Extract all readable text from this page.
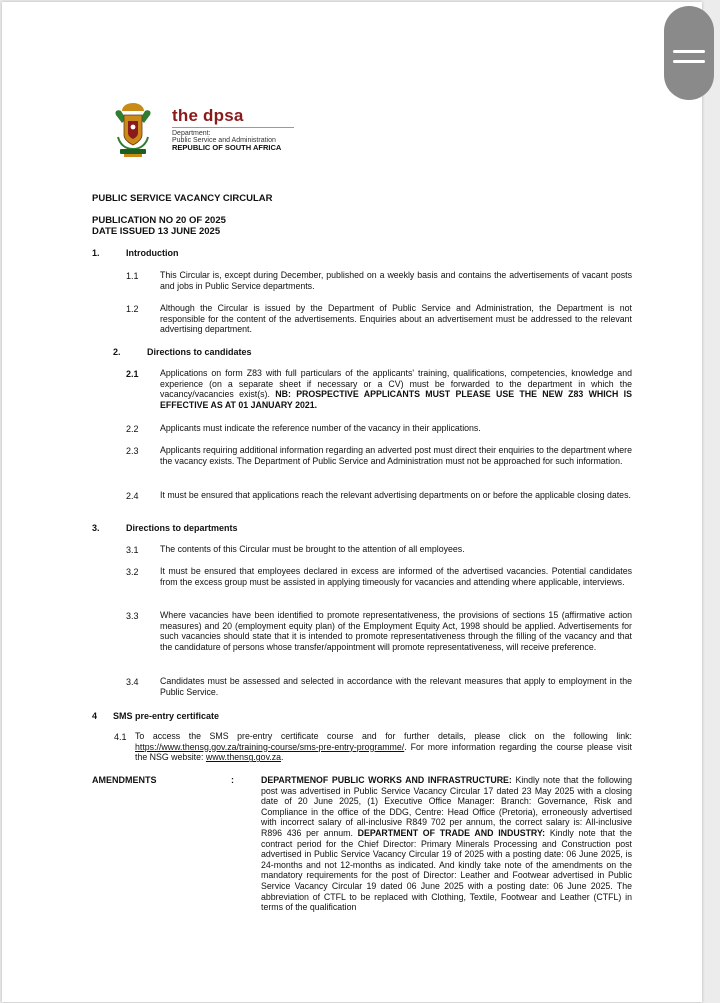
the dpsa
Department:
Public Service and Administration
REPUBLIC OF SOUTH AFRICA
PUBLIC SERVICE VACANCY CIRCULAR
PUBLICATION NO 20 OF 2025
DATE ISSUED 13 JUNE 2025
1.	Introduction
1.1 This Circular is, except during December, published on a weekly basis and contains the advertisements of vacant posts and jobs in Public Service departments.

1.2 Although the Circular is issued by the Department of Public Service and Administration, the Department is not responsible for the content of the advertisements. Enquiries about an advertisement must be addressed to the relevant advertising department.

2.	Directions to candidates
2.1 Applications on form Z83 with full particulars of the applicants' training, qualifications, competencies, knowledge and experience (on a separate sheet if necessary or a CV) must be forwarded to the department in which the vacancy/vacancies exist(s). NB: PROSPECTIVE APPLICANTS MUST PLEASE USE THE NEW Z83 WHICH IS EFFECTIVE AS AT 01 JANUARY 2021.

2.2 Applicants must indicate the reference number of the vacancy in their applications.

2.3 Applicants requiring additional information regarding an adverted post must direct their enquiries to the department where the vacancy exists. The Department of Public Service and Administration must not be approached for such information.

2.4 It must be ensured that applications reach the relevant advertising departments on or before the applicable closing dates.

3.	Directions to departments
3.1 The contents of this Circular must be brought to the attention of all employees.

3.2 It must be ensured that employees declared in excess are informed of the advertised vacancies. Potential candidates from the excess group must be assisted in applying timeously for vacancies and attending where applicable, interviews.

3.3 Where vacancies have been identified to promote representativeness, the provisions of sections 15 (affirmative action measures) and 20 (employment equity plan) of the Employment Equity Act, 1998 should be applied. Advertisements for such vacancies should state that it is intended to promote representativeness through the filling of the vacancy and that the candidature of persons whose transfer/appointment will promote representativeness, will receive preference.

3.4 Candidates must be assessed and selected in accordance with the relevant measures that apply to employment in the Public Service.

4 SMS pre-entry certificate
4.1 To access the SMS pre-entry certificate course and for further details, please click on the following link: https://www.thensg.gov.za/training-course/sms-pre-entry-programme/. For more information regarding the course please visit the NSG website: www.thensg.gov.za.

AMENDMENTS	:	DEPARTMENOF PUBLIC WORKS AND INFRASTRUCTURE: Kindly note that the following post was advertised in Public Service Vacancy Circular 17 dated 23 May 2025 with a closing date of 20 June 2025, (1) Executive Office Manager: Branch: Governance, Risk and Compliance in the office of the DDG, Centre: Head Office (Pretoria), erroneously advertised with incorrect salary of all-inclusive R849 702 per annum, the correct salary is: All-inclusive R896 436 per annum. DEPARTMENT OF TRADE AND INDUSTRY: Kindly note that the contract period for the Chief Director: Primary Minerals Processing and Construction post advertised in Public Service Vacancy Circular 19 of 2025 with a posting date: 06 June 2025, is 24-months and not 12-months as indicated. And kindly take note of the amendments on the mandatory requirements for the post of Director: Leather and Footwear advertised in Public Service Vacancy Circular 19 dated 06 June 2025 with a posting date: 06 June 2025. The abbreviation of CTFL to be replaced with Clothing, Textile, Footwear and Leather (CTFL) in terms of the qualification
